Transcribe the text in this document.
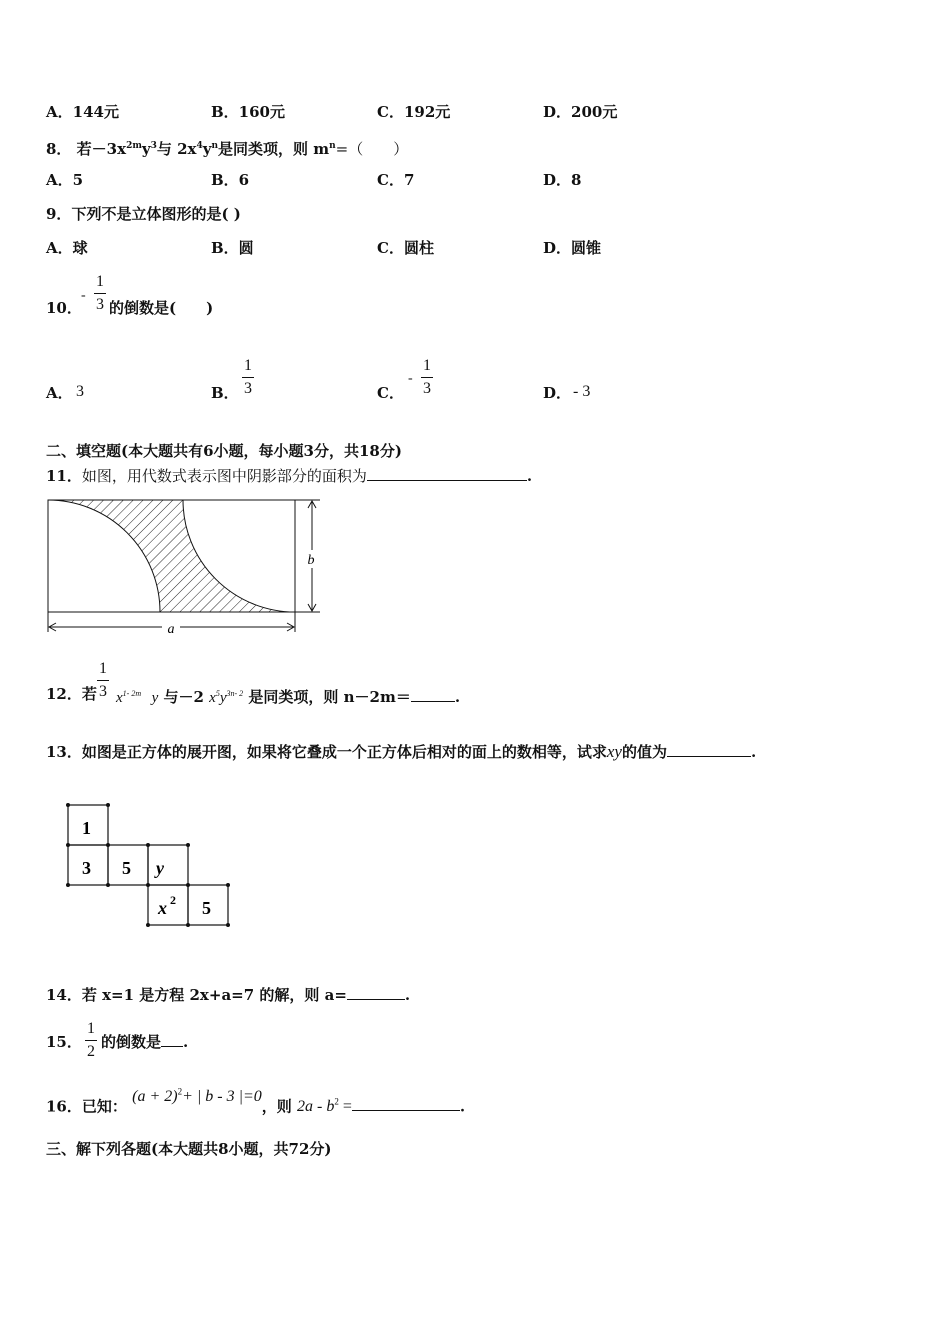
A．144元	B．160元	C．192元	D．200元
8． 若$-3x^{2m}y^3$与 $2x^4y^n$是同类项，则 $m^n=$（　　）
A．5	B．6	C．7	D．8
9．下列不是立体图形的是( )
A．球	B．圆	C．圆柱	D．圆锥
10．
-
1
3 的倒数是(　　)
A． 3	B．
1
3	C．
-
1
3	D． - 3
二、填空题(本大题共有6小题，每小题3分，共18分)
11．如图，用代数式表示图中阴影部分的面积为	.
b
a
12．若
1
3 $x^{1- 2m}$ y 与－2 $x^5y^{3n- 2}$ 是同类项，则 n－2m＝	.
13．如图是正方体的展开图，如果将它叠成一个正方体后相对的面上的数相等，试求xy的值为	.
1
3 5 y
x 2 5
14．若 x=1 是方程 2x+a=7 的解，则 a=	.
15．
1
2
的倒数是 .
16．已知： $(a + 2)^2+$ | b - 3 |=0，则 $2a - b^2$ =	.
三、解下列各题(本大题共8小题，共72分)
